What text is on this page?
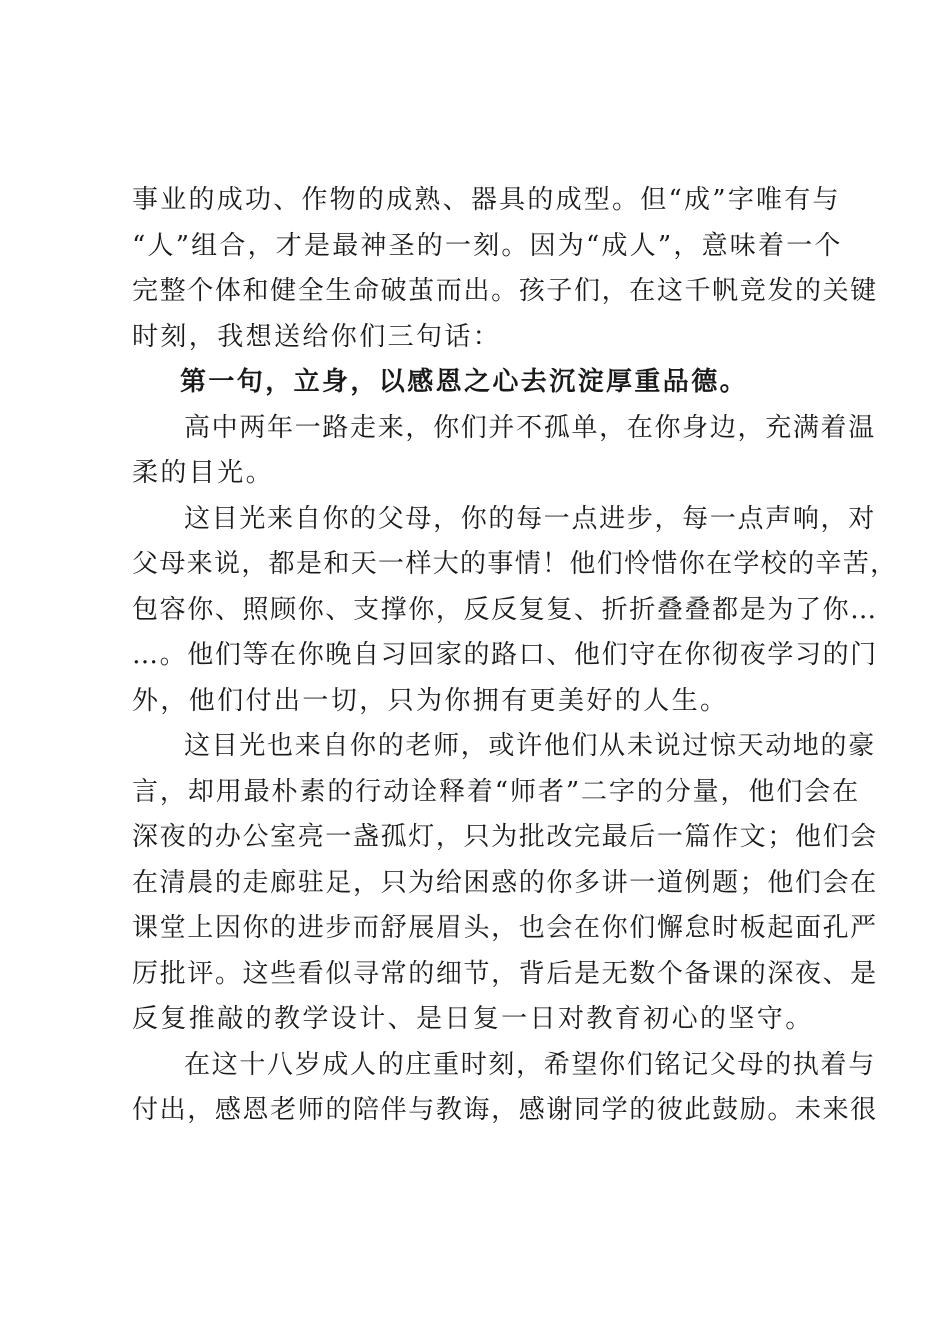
事业的成功、作物的成熟、器具的成型。但“成”字唯有与
“人”组合，才是最神圣的一刻。因为“成人”，意味着一个
完整个体和健全生命破茧而出。孩子们，在这千帆竞发的关键
时刻，我想送给你们三句话：
第一句，立身，以感恩之心去沉淀厚重品德。
高中两年一路走来，你们并不孤单，在你身边，充满着温
柔的目光。
这目光来自你的父母，你的每一点进步，每一点声响，对
父母来说，都是和天一样大的事情！他们怜惜你在学校的辛苦，
包容你、照顾你、支撑你，反反复复、折折叠叠都是为了你…
…。他们等在你晚自习回家的路口、他们守在你彻夜学习的门
外，他们付出一切，只为你拥有更美好的人生。
这目光也来自你的老师，或许他们从未说过惊天动地的豪
言，却用最朴素的行动诠释着“师者”二字的分量，他们会在
深夜的办公室亮一盏孤灯，只为批改完最后一篇作文；他们会
在清晨的走廊驻足，只为给困惑的你多讲一道例题；他们会在
课堂上因你的进步而舒展眉头，也会在你们懈怠时板起面孔严
厉批评。这些看似寻常的细节，背后是无数个备课的深夜、是
反复推敲的教学设计、是日复一日对教育初心的坚守。
在这十八岁成人的庄重时刻，希望你们铭记父母的执着与
付出，感恩老师的陪伴与教诲，感谢同学的彼此鼓励。未来很
